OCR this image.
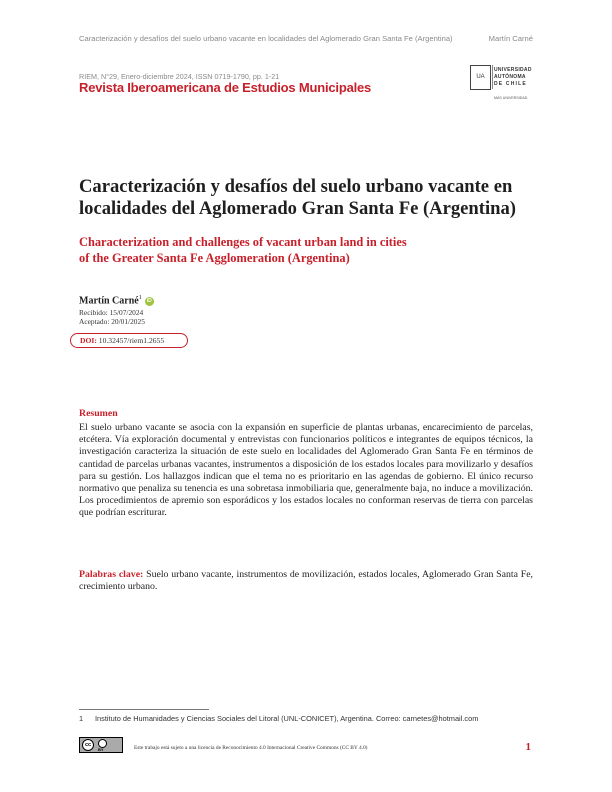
Caracterización y desafíos del suelo urbano vacante en localidades del Aglomerado Gran Santa Fe (Argentina)	Martín Carné
RIEM, N°29, Enero-diciembre 2024, ISSN 0719-1790, pp. 1-21
Revista Iberoamericana de Estudios Municipales
UA
UNIVERSIDAD
AUTÓNOMA
DE CHILE
MÁS UNIVERSIDAD
Caracterización y desafíos del suelo urbano vacante en localidades del Aglomerado Gran Santa Fe (Argentina)
Characterization and challenges of vacant urban land in cities
of the Greater Santa Fe Agglomeration (Argentina)
Martín Carné$^1$iD
Recibido: 15/07/2024
Aceptado: 20/01/2025
DOI: 10.32457/riem1.2655
Resumen
El suelo urbano vacante se asocia con la expansión en superficie de plantas urbanas, encarecimiento de parcelas, etcétera. Vía exploración documental y entrevistas con funcionarios políticos e integrantes de equipos técnicos, la investigación caracteriza la situación de este suelo en localidades del Aglomerado Gran Santa Fe en términos de cantidad de parcelas urbanas vacantes, instrumentos a disposición de los estados locales para movilizarlo y desafíos para su gestión. Los hallazgos indican que el tema no es prioritario en las agendas de gobierno. El único recurso normativo que penaliza su tenencia es una sobretasa inmobiliaria que, generalmente baja, no induce a movilización. Los procedimientos de apremio son esporádicos y los estados locales no conforman reservas de tierra con parcelas que podrían escriturar.
Palabras clave: Suelo urbano vacante, instrumentos de movilización, estados locales, Aglomerado Gran Santa Fe, crecimiento urbano.
1 Instituto de Humanidades y Ciencias Sociales del Litoral (UNL-CONICET), Argentina. Correo: carnetes@hotmail.com
cc
BY	Este trabajo está sujeto a una licencia de Reconocimiento 4.0 Internacional Creative Commons (CC BY 4.0)	1
